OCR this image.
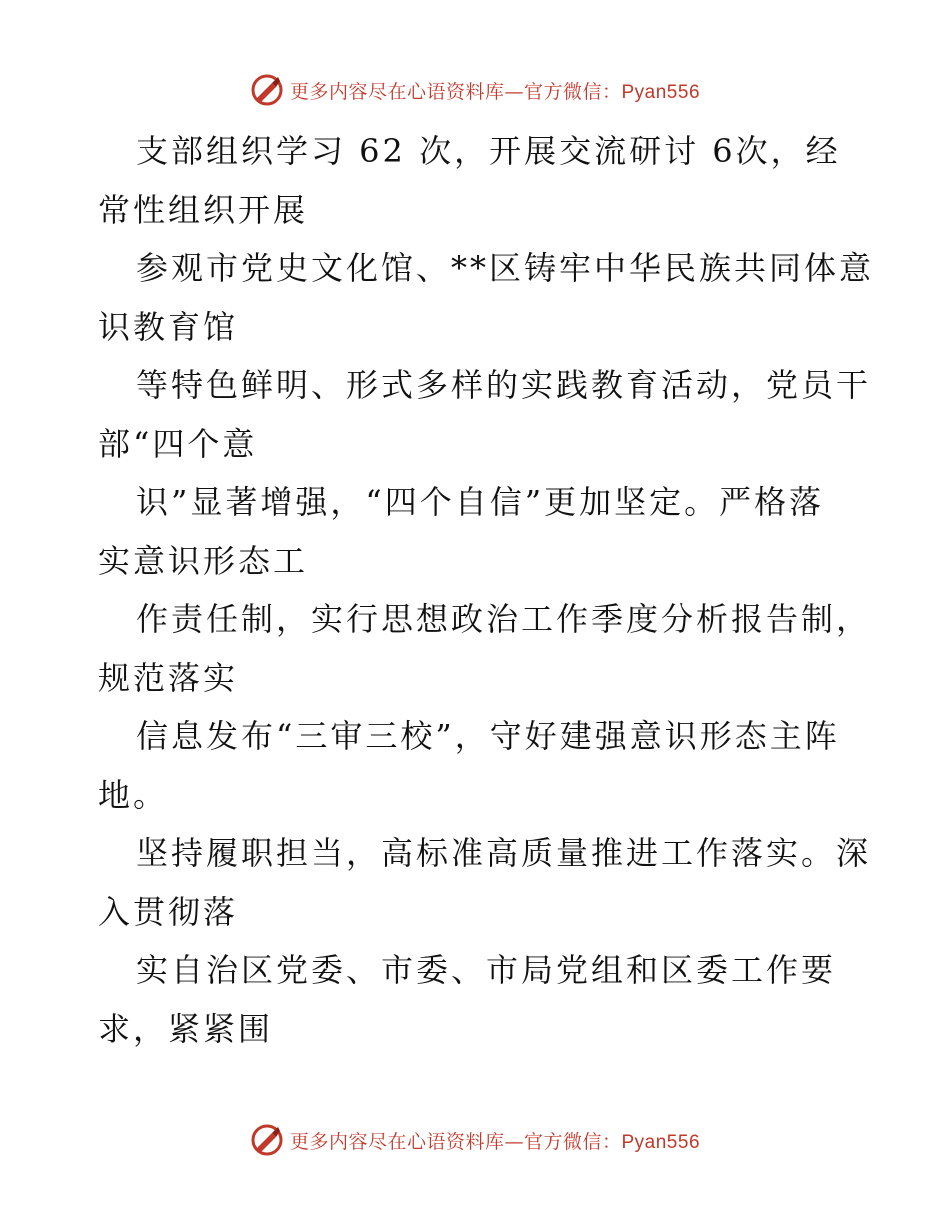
更多内容尽在心语资料库—官方微信：Pyan556
支部组织学习 62 次，开展交流研讨 6次，经
常性组织开展
参观市党史文化馆、**区铸牢中华民族共同体意
识教育馆
等特色鲜明、形式多样的实践教育活动，党员干
部“四个意
识”显著增强，“四个自信”更加坚定。严格落
实意识形态工
作责任制，实行思想政治工作季度分析报告制，
规范落实
信息发布“三审三校”，守好建强意识形态主阵
地。
坚持履职担当，高标准高质量推进工作落实。深
入贯彻落
实自治区党委、市委、市局党组和区委工作要
求，紧紧围
更多内容尽在心语资料库—官方微信：Pyan556
